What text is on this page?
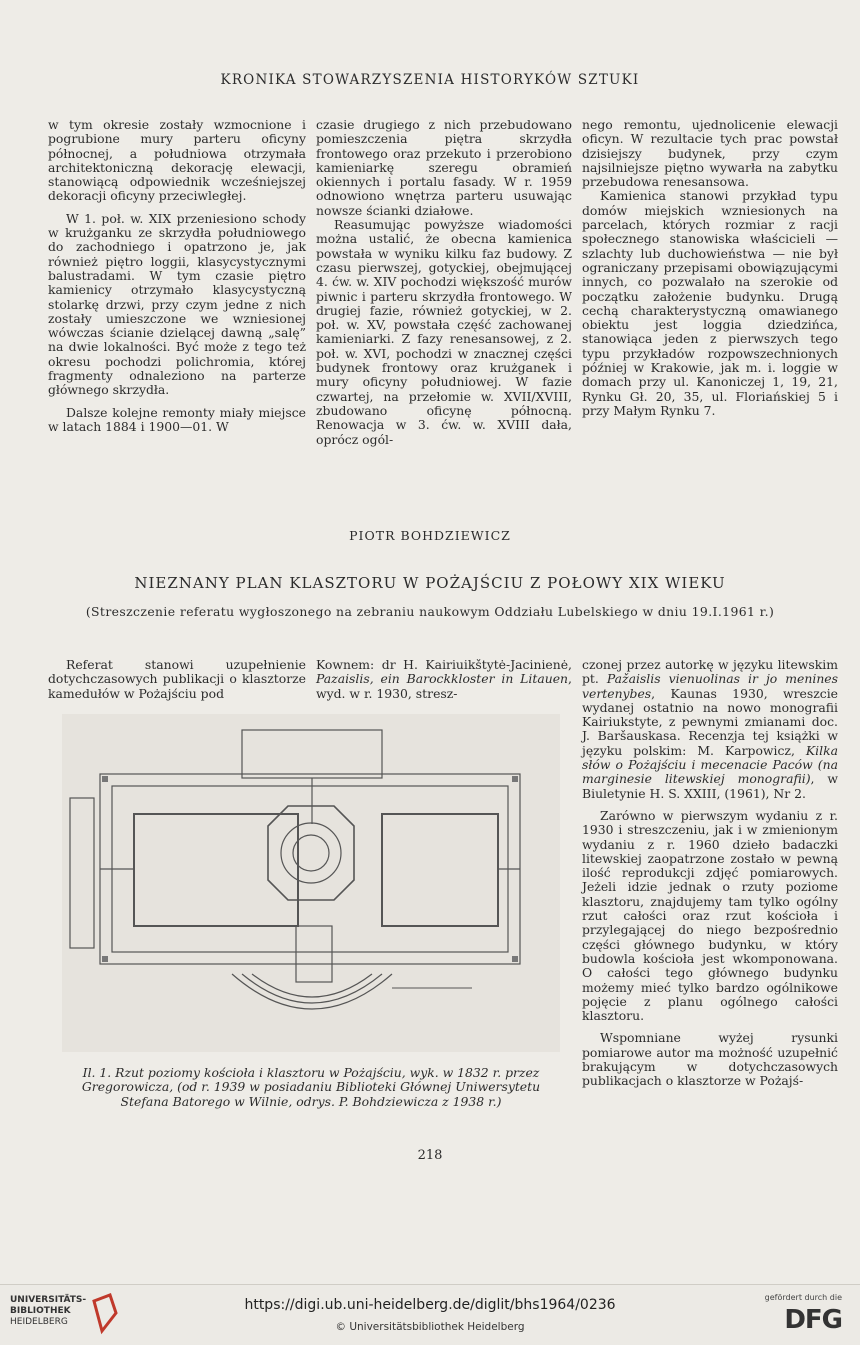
KRONIKA STOWARZYSZENIA HISTORYKÓW SZTUKI

w tym okresie zostały wzmocnione i pogrubione mury parteru oficyny północnej, a południowa otrzymała architektoniczną dekorację elewacji, stanowiącą odpowiednik wcześniejszej dekoracji oficyny przeciwległej.

W 1. poł. w. XIX przeniesiono schody w krużganku ze skrzydła południowego do zachodniego i opatrzono je, jak również piętro loggii, klasycystycznymi balustradami. W tym czasie piętro kamienicy otrzymało klasycystyczną stolarkę drzwi, przy czym jedne z nich zostały umieszczone we wzniesionej wówczas ścianie dzielącej dawną „salę” na dwie lokalności. Być może z tego też okresu pochodzi polichromia, której fragmenty odnaleziono na parterze głównego skrzydła.

Dalsze kolejne remonty miały miejsce w latach 1884 i 1900—01. W

czasie drugiego z nich przebudowano pomieszczenia piętra skrzydła frontowego oraz przekuto i przerobiono kamieniarkę szeregu obramień okiennych i portalu fasady. W r. 1959 odnowiono wnętrza parteru usuwając nowsze ścianki działowe.

Reasumując powyższe wiadomości można ustalić, że obecna kamienica powstała w wyniku kilku faz budowy. Z czasu pierwszej, gotyckiej, obejmującej 4. ćw. w. XIV pochodzi większość murów piwnic i parteru skrzydła frontowego. W drugiej fazie, również gotyckiej, w 2. poł. w. XV, powstała część zachowanej kamieniarki. Z fazy renesansowej, z 2. poł. w. XVI, pochodzi w znacznej części budynek frontowy oraz krużganek i mury oficyny południowej. W fazie czwartej, na przełomie w. XVII/XVIII, zbudowano oficynę północną. Renowacja w 3. ćw. w. XVIII dała, oprócz ogól-

nego remontu, ujednolicenie elewacji oficyn. W rezultacie tych prac powstał dzisiejszy budynek, przy czym najsilniejsze piętno wywarła na zabytku przebudowa renesansowa.

Kamienica stanowi przykład typu domów miejskich wzniesionych na parcelach, których rozmiar z racji społecznego stanowiska właścicieli — szlachty lub duchowieństwa — nie był ograniczany przepisami obowiązującymi innych, co pozwalało na szerokie od początku założenie budynku. Drugą cechą charakterystyczną omawianego obiektu jest loggia dziedzińca, stanowiąca jeden z pierwszych tego typu przykładów rozpowszechnionych później w Krakowie, jak m. i. loggie w domach przy ul. Kanoniczej 1, 19, 21, Rynku Gł. 20, 35, ul. Floriańskiej 5 i przy Małym Rynku 7.

PIOTR BOHDZIEWICZ
NIEZNANY PLAN KLASZTORU W POŻAJŚCIU Z POŁOWY XIX WIEKU
(Streszczenie referatu wygłoszonego na zebraniu naukowym Oddziału Lubelskiego w dniu 19.I.1961 r.)

Referat stanowi uzupełnienie dotychczasowych publikacji o klasztorze kamedułów w Pożajściu pod

Kownem: dr H. Kairiuikštytė-Jacinienė, Pazaislis, ein Barockkloster in Litauen, wyd. w r. 1930, stresz-

czonej przez autorkę w języku litewskim pt. Pažaislis vienuolinas ir jo menines vertenybes, Kaunas 1930, wreszcie wydanej ostatnio na nowo monografii Kairiukstyte, z pewnymi zmianami doc. J. Baršauskasa. Recenzja tej książki w języku polskim: M. Karpowicz, Kilka słów o Pożajściu i mecenacie Paców (na marginesie litewskiej monografii), w Biuletynie H. S. XXIII, (1961), Nr 2.

Zarówno w pierwszym wydaniu z r. 1930 i streszczeniu, jak i w zmienionym wydaniu z r. 1960 dzieło badaczki litewskiej zaopatrzone zostało w pewną ilość reprodukcji zdjęć pomiarowych. Jeżeli idzie jednak o rzuty poziome klasztoru, znajdujemy tam tylko ogólny rzut całości oraz rzut kościoła i przylegającej do niego bezpośrednio części głównego budynku, w który budowla kościoła jest wkomponowana. O całości tego głównego budynku możemy mieć tylko bardzo ogólnikowe pojęcie z planu ogólnego całości klasztoru.

Wspomniane wyżej rysunki pomiarowe autor ma możność uzupełnić brakującym w dotychczasowych publikacjach o klasztorze w Pożajś-

Il. 1. Rzut poziomy kościoła i klasztoru w Pożajściu, wyk. w 1832 r. przez Gregorowicza, (od r. 1939 w posiadaniu Biblioteki Głównej Uniwersytetu Stefana Batorego w Wilnie, odrys. P. Bohdziewicza z 1938 r.)
218
UNIVERSITÄTS-
BIBLIOTHEK
HEIDELBERG
https://digi.ub.uni-heidelberg.de/diglit/bhs1964/0236
© Universitätsbibliothek Heidelberg
gefördert durch die
DFG
